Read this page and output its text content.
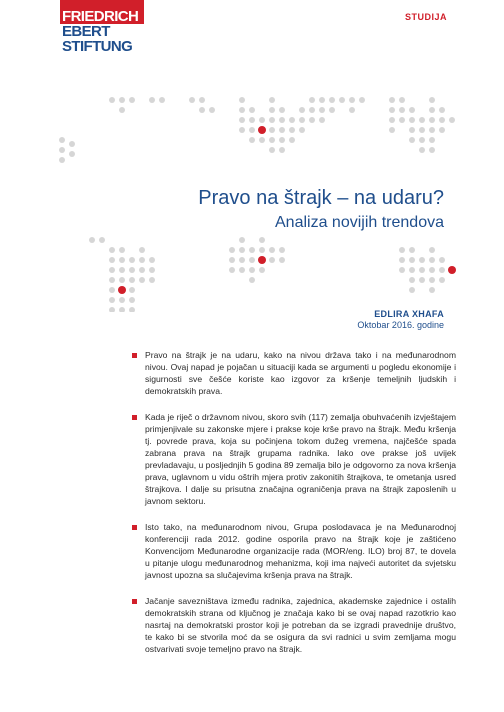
FRIEDRICH
EBERT
STIFTUNG
STUDIJA
Pravo na štrajk – na udaru?
Analiza novijih trendova
EDLIRA XHAFA
Oktobar 2016. godine

Pravo na štrajk je na udaru, kako na nivou država tako i na međunarodnom nivou. Ovaj napad je pojačan u situaciji kada se argumenti u pogledu ekonomije i sigurnosti sve češće koriste kao izgovor za kršenje temeljnih ljudskih i demokratskih prava.

Kada je riječ o državnom nivou, skoro svih (117) zemalja obuhvaćenih izvještajem primjenjivale su zakonske mjere i prakse koje krše pravo na štrajk. Među kršenja tj. povrede prava, koja su počinjena tokom dužeg vremena, najčešće spada zabrana prava na štrajk grupama radnika. Iako ove prakse još uvijek prevladavaju, u posljednjih 5 godina 89 zemalja bilo je odgovorno za nova kršenja prava, uglavnom u vidu oštrih mjera protiv zakonitih štrajkova, te ometanja usred štrajkova. I dalje su prisutna značajna ograničenja prava na štrajk zaposlenih u javnom sektoru.

Isto tako, na međunarodnom nivou, Grupa poslodavaca je na Međunarodnoj konferenciji rada 2012. godine osporila pravo na štrajk koje je zaštićeno Konvencijom Međunarodne organizacije rada (MOR/eng. ILO) broj 87, te dovela u pitanje ulogu međunarodnog mehanizma, koji ima najveći autoritet da svjetsku javnost upozna sa slučajevima kršenja prava na štrajk.

Jačanje savezništava između radnika, zajednica, akademske zajednice i ostalih demokratskih strana od ključnog je značaja kako bi se ovaj napad razotkrio kao nasrtaj na demokratski prostor koji je potreban da se izgradi pravednije društvo, te kako bi se stvorila moć da se osigura da svi radnici u svim zemljama mogu ostvarivati svoje temeljno pravo na štrajk.
